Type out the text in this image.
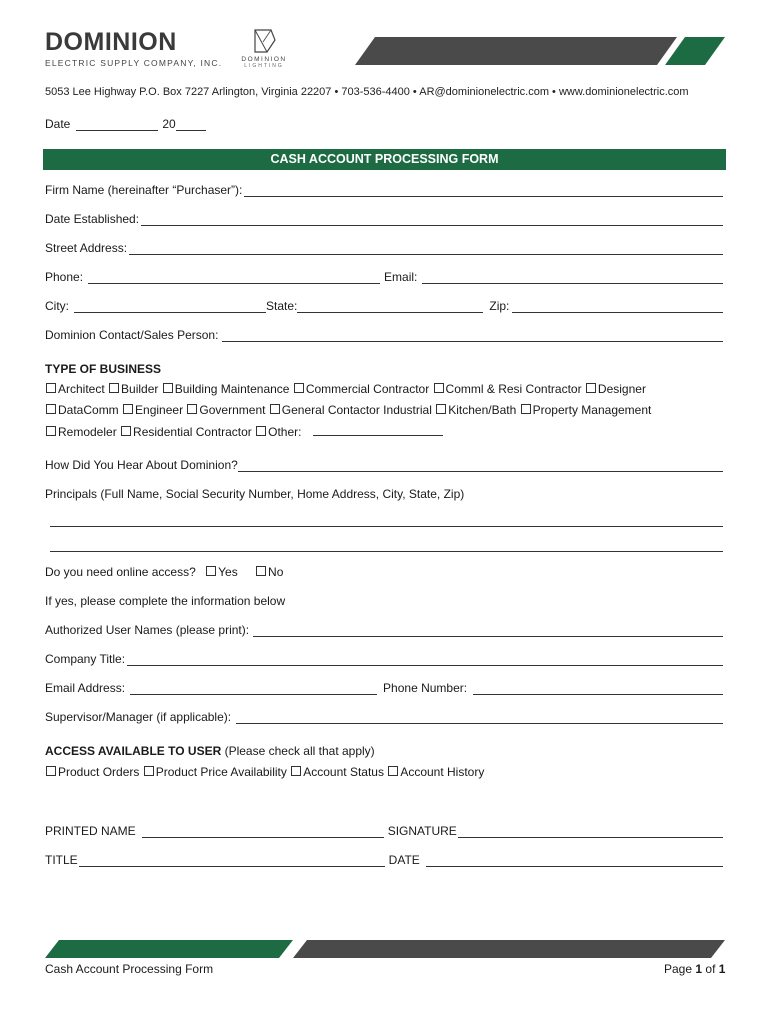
DOMINION
ELECTRIC SUPPLY COMPANY, INC.	DOMINION
LIGHTING
5053 Lee Highway P.O. Box 7227 Arlington, Virginia 22207 • 703-536-4400 • AR@dominionelectric.com • www.dominionelectric.com
Date	20
CASH ACCOUNT PROCESSING FORM
Firm Name (hereinafter “Purchaser”):
Date Established:
Street Address:
Phone:	Email:
City:	State:	Zip:
Dominion Contact/Sales Person:
TYPE OF BUSINESS
Architect Builder Building Maintenance Commercial Contractor Comml & Resi Contractor Designer
DataComm Engineer Government General Contactor Industrial Kitchen/Bath Property Management
Remodeler Residential Contractor Other:
How Did You Hear About Dominion?
Principals (Full Name, Social Security Number, Home Address, City, State, Zip)
Do you need online access? Yes	No
If yes, please complete the information below
Authorized User Names (please print):
Company Title:
Email Address:	Phone Number:
Supervisor/Manager (if applicable):
ACCESS AVAILABLE TO USER (Please check all that apply)
Product Orders Product Price Availability Account Status Account History
PRINTED NAME	SIGNATURE
TITLE	DATE
Cash Account Processing Form	Page 1 of 1
